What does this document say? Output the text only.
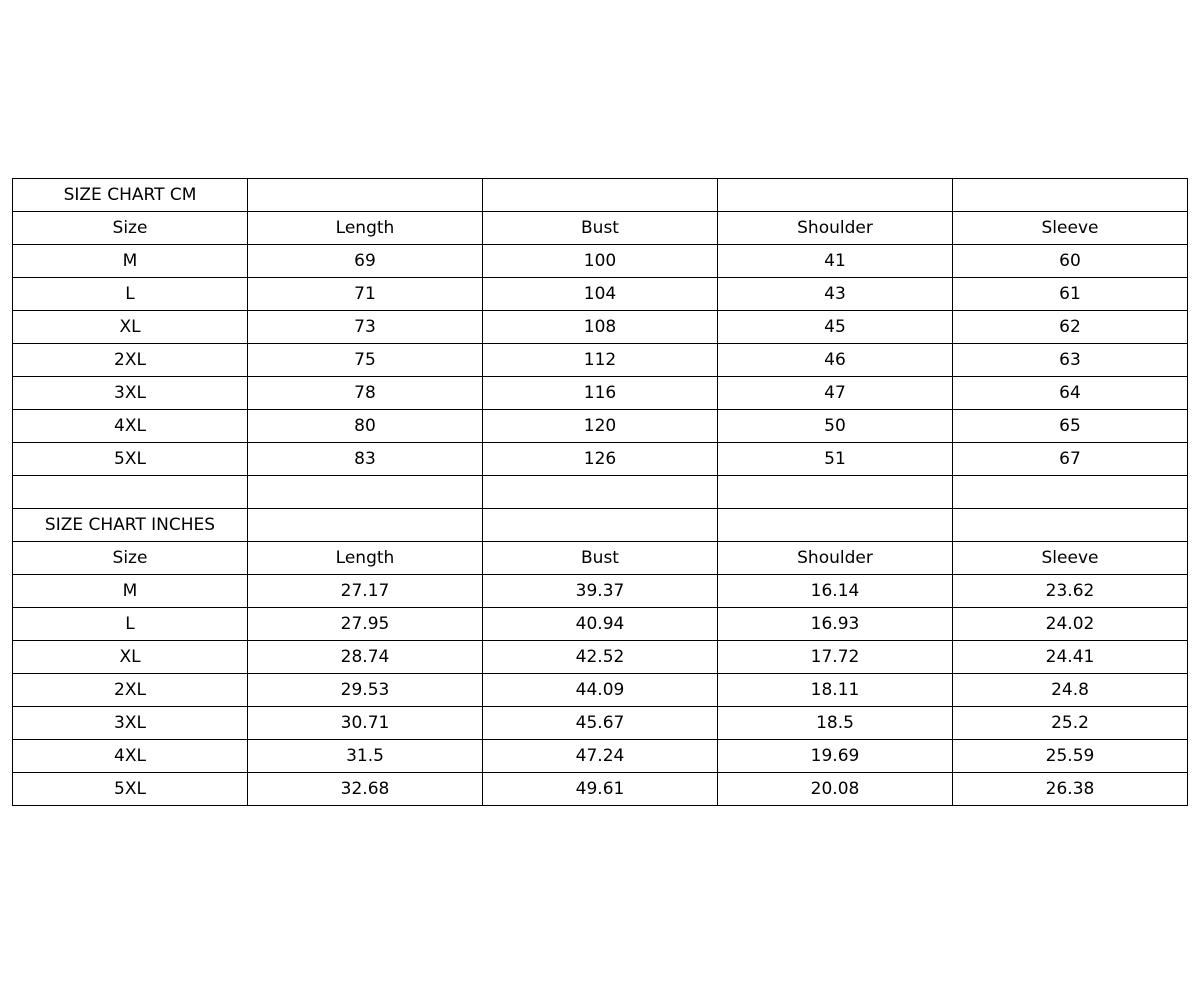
SIZE CHART CM				
Size	Length	Bust	Shoulder	Sleeve
M	69	100	41	60
L	71	104	43	61
XL	73	108	45	62
2XL	75	112	46	63
3XL	78	116	47	64
4XL	80	120	50	65
5XL	83	126	51	67

SIZE CHART INCHES				
Size	Length	Bust	Shoulder	Sleeve
M	27.17	39.37	16.14	23.62
L	27.95	40.94	16.93	24.02
XL	28.74	42.52	17.72	24.41
2XL	29.53	44.09	18.11	24.8
3XL	30.71	45.67	18.5	25.2
4XL	31.5	47.24	19.69	25.59
5XL	32.68	49.61	20.08	26.38
